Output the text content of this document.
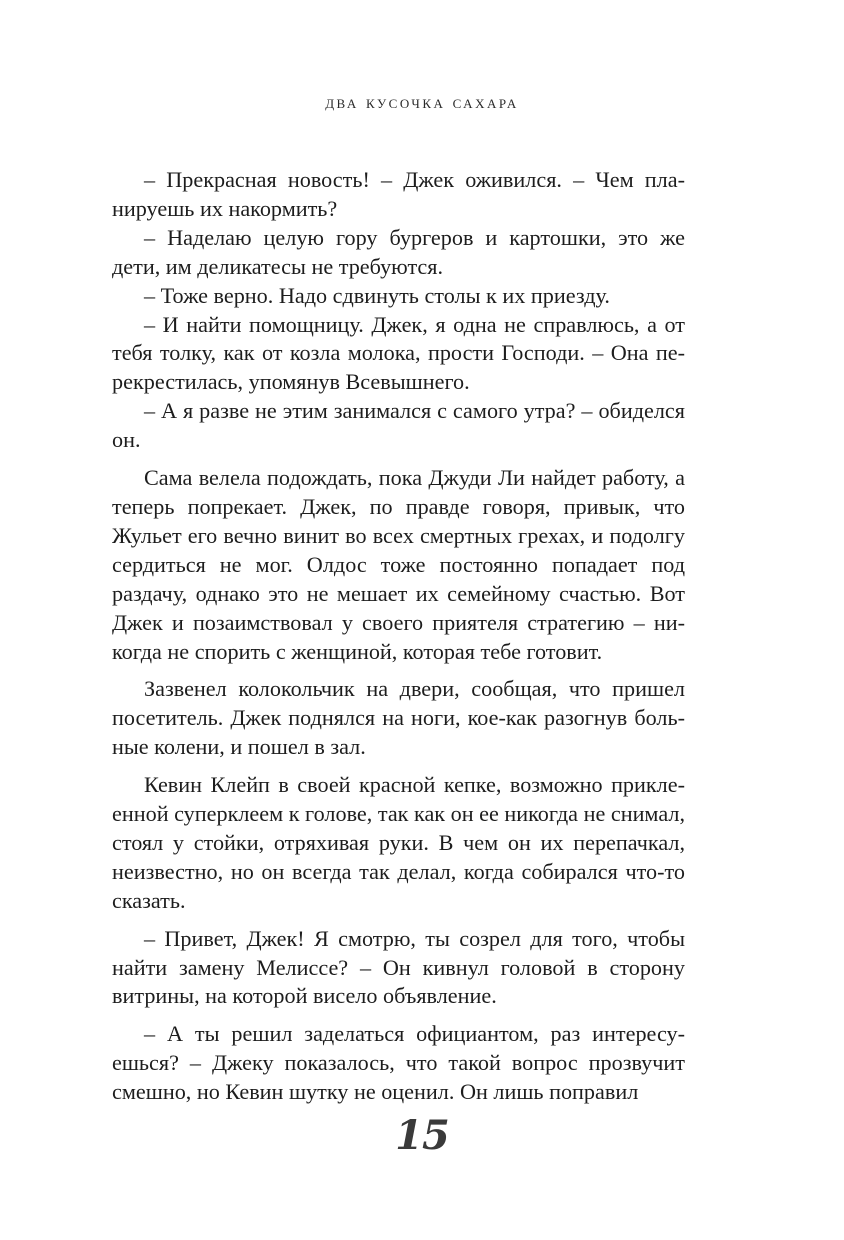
два кусочка сахара

– Прекрасная новость! – Джек оживился. – Чем планируешь их накормить?

– Наделаю целую гору бургеров и картошки, это же дети, им деликатесы не требуются.

– Тоже верно. Надо сдвинуть столы к их приезду.

– И найти помощницу. Джек, я одна не справлюсь, а от тебя толку, как от козла молока, прости Господи. – Она перекрестилась, упомянув Всевышнего.

– А я разве не этим занимался с самого утра? – обиделся он.

Сама велела подождать, пока Джуди Ли найдет работу, а теперь попрекает. Джек, по правде говоря, привык, что Жульет его вечно винит во всех смертных грехах, и подолгу сердиться не мог. Олдос тоже постоянно попадает под раздачу, однако это не мешает их семейному счастью. Вот Джек и позаимствовал у своего приятеля стратегию – никогда не спорить с женщиной, которая тебе готовит.

Зазвенел колокольчик на двери, сообщая, что пришел посетитель. Джек поднялся на ноги, кое-как разогнув больные колени, и пошел в зал.

Кевин Клейп в своей красной кепке, возможно приклеенной суперклеем к голове, так как он ее никогда не снимал, стоял у стойки, отряхивая руки. В чем он их перепачкал, неизвестно, но он всегда так делал, когда собирался что-то сказать.

– Привет, Джек! Я смотрю, ты созрел для того, чтобы найти замену Мелиссе? – Он кивнул головой в сторону витрины, на которой висело объявление.

– А ты решил заделаться официантом, раз интересуешься? – Джеку показалось, что такой вопрос прозвучит смешно, но Кевин шутку не оценил. Он лишь поправил

15
